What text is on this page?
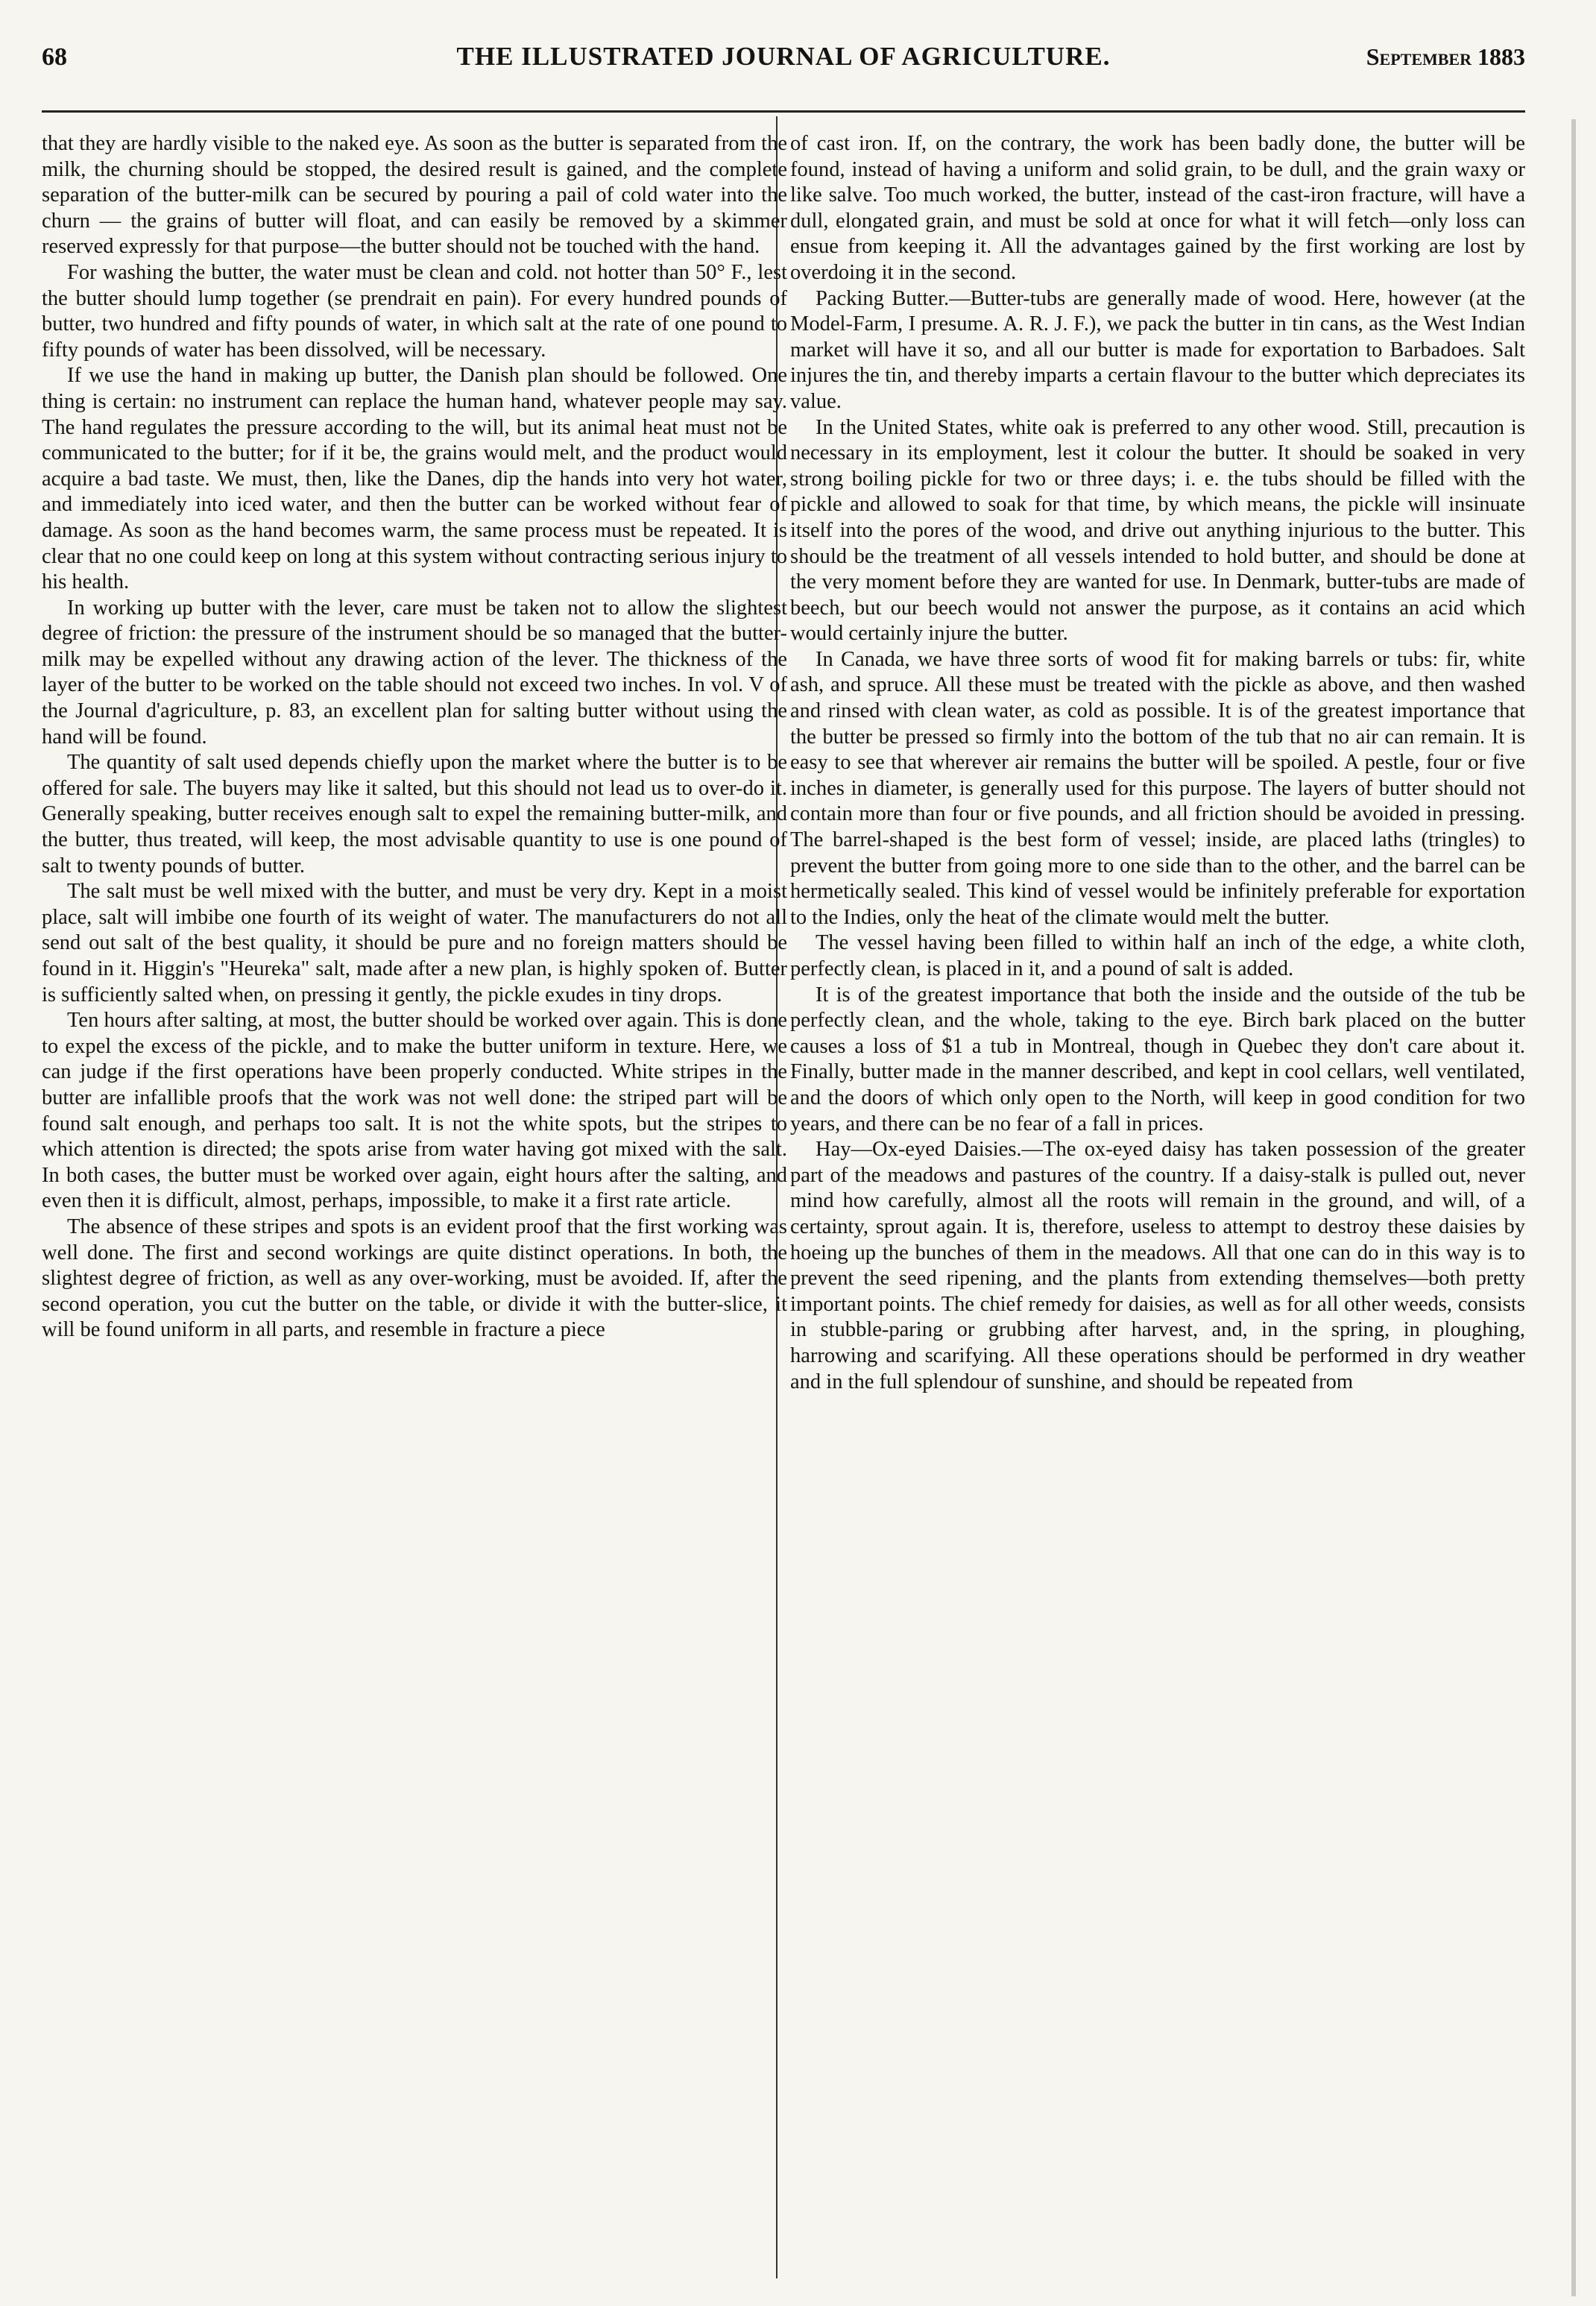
68	THE ILLUSTRATED JOURNAL OF AGRICULTURE.	September 1883

that they are hardly visible to the naked eye. As soon as the butter is separated from the milk, the churning should be stopped, the desired result is gained, and the complete separation of the butter-milk can be secured by pouring a pail of cold water into the churn — the grains of butter will float, and can easily be removed by a skimmer reserved expressly for that purpose—the butter should not be touched with the hand.

For washing the butter, the water must be clean and cold. not hotter than 50° F., lest the butter should lump together (se prendrait en pain). For every hundred pounds of butter, two hundred and fifty pounds of water, in which salt at the rate of one pound to fifty pounds of water has been dissolved, will be necessary.

If we use the hand in making up butter, the Danish plan should be followed. One thing is certain: no instrument can replace the human hand, whatever people may say. The hand regulates the pressure according to the will, but its animal heat must not be communicated to the butter; for if it be, the grains would melt, and the product would acquire a bad taste. We must, then, like the Danes, dip the hands into very hot water, and immediately into iced water, and then the butter can be worked without fear of damage. As soon as the hand becomes warm, the same process must be repeated. It is clear that no one could keep on long at this system without contracting serious injury to his health.

In working up butter with the lever, care must be taken not to allow the slightest degree of friction: the pressure of the instrument should be so managed that the butter-milk may be expelled without any drawing action of the lever. The thickness of the layer of the butter to be worked on the table should not exceed two inches. In vol. V of the Journal d'agriculture, p. 83, an excellent plan for salting butter without using the hand will be found.

The quantity of salt used depends chiefly upon the market where the butter is to be offered for sale. The buyers may like it salted, but this should not lead us to over-do it. Generally speaking, butter receives enough salt to expel the remaining butter-milk, and the butter, thus treated, will keep, the most advisable quantity to use is one pound of salt to twenty pounds of butter.

The salt must be well mixed with the butter, and must be very dry. Kept in a moist place, salt will imbibe one fourth of its weight of water. The manufacturers do not all send out salt of the best quality, it should be pure and no foreign matters should be found in it. Higgin's "Heureka" salt, made after a new plan, is highly spoken of. Butter is sufficiently salted when, on pressing it gently, the pickle exudes in tiny drops.

Ten hours after salting, at most, the butter should be worked over again. This is done to expel the excess of the pickle, and to make the butter uniform in texture. Here, we can judge if the first operations have been properly conducted. White stripes in the butter are infallible proofs that the work was not well done: the striped part will be found salt enough, and perhaps too salt. It is not the white spots, but the stripes to which attention is directed; the spots arise from water having got mixed with the salt. In both cases, the butter must be worked over again, eight hours after the salting, and even then it is difficult, almost, perhaps, impossible, to make it a first rate article.

The absence of these stripes and spots is an evident proof that the first working was well done. The first and second workings are quite distinct operations. In both, the slightest degree of friction, as well as any over-working, must be avoided. If, after the second operation, you cut the butter on the table, or divide it with the butter-slice, it will be found uniform in all parts, and resemble in fracture a piece

of cast iron. If, on the contrary, the work has been badly done, the butter will be found, instead of having a uniform and solid grain, to be dull, and the grain waxy or like salve. Too much worked, the butter, instead of the cast-iron fracture, will have a dull, elongated grain, and must be sold at once for what it will fetch—only loss can ensue from keeping it. All the advantages gained by the first working are lost by overdoing it in the second.

Packing Butter.—Butter-tubs are generally made of wood. Here, however (at the Model-Farm, I presume. A. R. J. F.), we pack the butter in tin cans, as the West Indian market will have it so, and all our butter is made for exportation to Barbadoes. Salt injures the tin, and thereby imparts a certain flavour to the butter which depreciates its value.

In the United States, white oak is preferred to any other wood. Still, precaution is necessary in its employment, lest it colour the butter. It should be soaked in very strong boiling pickle for two or three days; i. e. the tubs should be filled with the pickle and allowed to soak for that time, by which means, the pickle will insinuate itself into the pores of the wood, and drive out anything injurious to the butter. This should be the treatment of all vessels intended to hold butter, and should be done at the very moment before they are wanted for use. In Denmark, butter-tubs are made of beech, but our beech would not answer the purpose, as it contains an acid which would certainly injure the butter.

In Canada, we have three sorts of wood fit for making barrels or tubs: fir, white ash, and spruce. All these must be treated with the pickle as above, and then washed and rinsed with clean water, as cold as possible. It is of the greatest importance that the butter be pressed so firmly into the bottom of the tub that no air can remain. It is easy to see that wherever air remains the butter will be spoiled. A pestle, four or five inches in diameter, is generally used for this purpose. The layers of butter should not contain more than four or five pounds, and all friction should be avoided in pressing. The barrel-shaped is the best form of vessel; inside, are placed laths (tringles) to prevent the butter from going more to one side than to the other, and the barrel can be hermetically sealed. This kind of vessel would be infinitely preferable for exportation to the Indies, only the heat of the climate would melt the butter.

The vessel having been filled to within half an inch of the edge, a white cloth, perfectly clean, is placed in it, and a pound of salt is added.

It is of the greatest importance that both the inside and the outside of the tub be perfectly clean, and the whole, taking to the eye. Birch bark placed on the butter causes a loss of $1 a tub in Montreal, though in Quebec they don't care about it. Finally, butter made in the manner described, and kept in cool cellars, well ventilated, and the doors of which only open to the North, will keep in good condition for two years, and there can be no fear of a fall in prices.

Hay—Ox-eyed Daisies.—The ox-eyed daisy has taken possession of the greater part of the meadows and pastures of the country. If a daisy-stalk is pulled out, never mind how carefully, almost all the roots will remain in the ground, and will, of a certainty, sprout again. It is, therefore, useless to attempt to destroy these daisies by hoeing up the bunches of them in the meadows. All that one can do in this way is to prevent the seed ripening, and the plants from extending themselves—both pretty important points. The chief remedy for daisies, as well as for all other weeds, consists in stubble-paring or grubbing after harvest, and, in the spring, in ploughing, harrowing and scarifying. All these operations should be performed in dry weather and in the full splendour of sunshine, and should be repeated from
